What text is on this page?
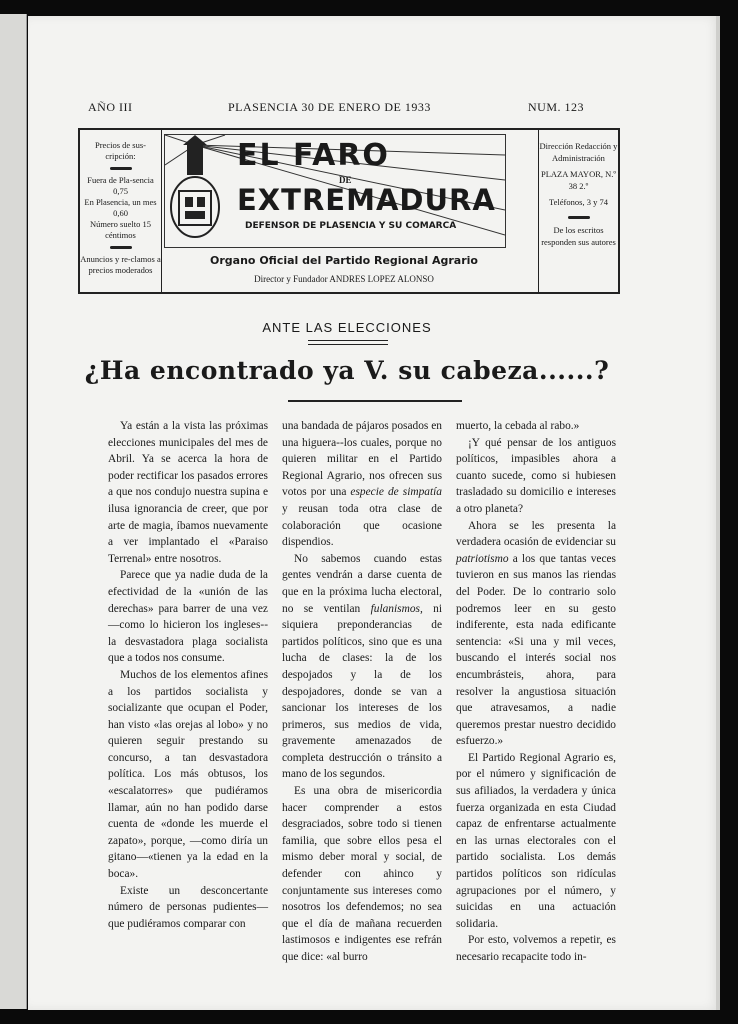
AÑO III	PLASENCIA 30 DE ENERO DE 1933	NUM. 123
Precios de sus-cripción:
Fuera de Pla-sencia 0,75
En Plasencia, un mes 0,60
Número suelto 15 céntimos
Anuncios y re-clamos a precios moderados
EL FARO
DE
EXTREMADURA
DEFENSOR DE PLASENCIA Y SU COMARCA
Organo Oficial del Partido Regional Agrario
Director y Fundador ANDRES LOPEZ ALONSO
Dirección Redacción y Administración
PLAZA MAYOR, N.º 38 2.º
Teléfonos, 3 y 74
De los escritos responden sus autores
ANTE LAS ELECCIONES
¿Ha encontrado ya V. su cabeza......?

Ya están a la vista las próximas elecciones municipales del mes de Abril. Ya se acerca la hora de poder rectificar los pasados errores a que nos condujo nuestra supina e ilusa ignorancia de creer, que por arte de magia, íbamos nuevamente a ver implantado el «Paraiso Terrenal» entre nosotros.

Parece que ya nadie duda de la efectividad de la «unión de las derechas» para barrer de una vez—como lo hicieron los ingleses--la desvastadora plaga socialista que a todos nos consume.

Muchos de los elementos afines a los partidos socialista y socializante que ocupan el Poder, han visto «las orejas al lobo» y no quieren seguir prestando su concurso, a tan desvastadora política. Los más obtusos, los «escalatorres» que pudiéramos llamar, aún no han podido darse cuenta de «donde les muerde el zapato», porque, —como diría un gitano—«tienen ya la edad en la boca».

Existe un desconcertante número de personas pudientes—que pudiéramos comparar con

una bandada de pájaros posados en una higuera--los cuales, porque no quieren militar en el Partido Regional Agrario, nos ofrecen sus votos por una especie de simpatía y reusan toda otra clase de colaboración que ocasione dispendios.

No sabemos cuando estas gentes vendrán a darse cuenta de que en la próxima lucha electoral, no se ventilan fulanismos, ni siquiera preponderancias de partidos políticos, sino que es una lucha de clases: la de los despojados y la de los despojadores, donde se van a sancionar los intereses de los primeros, sus medios de vida, gravemente amenazados de completa destrucción o tránsito a mano de los segundos.

Es una obra de misericordia hacer comprender a estos desgraciados, sobre todo si tienen familia, que sobre ellos pesa el mismo deber moral y social, de defender con ahinco y conjuntamente sus intereses como nosotros los defendemos; no sea que el día de mañana recuerden lastimosos e indigentes ese refrán que dice: «al burro

muerto, la cebada al rabo.»

¡Y qué pensar de los antiguos políticos, impasibles ahora a cuanto sucede, como si hubiesen trasladado su domicilio e intereses a otro planeta?

Ahora se les presenta la verdadera ocasión de evidenciar su patriotismo a los que tantas veces tuvieron en sus manos las riendas del Poder. De lo contrario solo podremos leer en su gesto indiferente, esta nada edificante sentencia: «Si una y mil veces, buscando el interés social nos encumbrásteis, ahora, para resolver la angustiosa situación que atravesamos, a nadie queremos prestar nuestro decidido esfuerzo.»

El Partido Regional Agrario es, por el número y significación de sus afiliados, la verdadera y única fuerza organizada en esta Ciudad capaz de enfrentarse actualmente en las urnas electorales con el partido socialista. Los demás partidos políticos son ridículas agrupaciones por el número, y suicidas en una actuación solidaria.

Por esto, volvemos a repetir, es necesario recapacite todo in-
